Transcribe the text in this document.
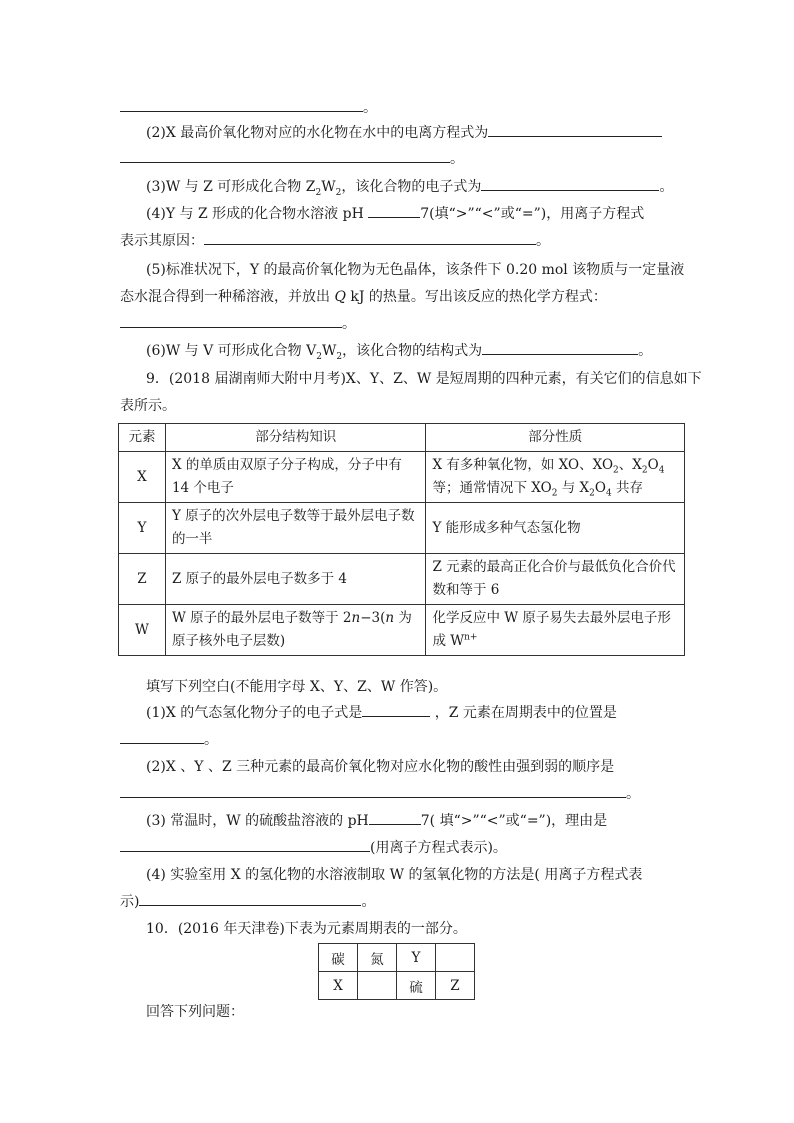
。
(2)X 最高价氧化物对应的水化物在水中的电离方程式为
。
(3)W 与 Z 可形成化合物 $Z_2W_2$，该化合物的电子式为	。
(4)Y 与 Z 形成的化合物水溶液 pH	7(填“>”“<”或“=”)，用离子方程式
表示其原因：	。
(5)标准状况下，Y 的最高价氧化物为无色晶体，该条件下 0.20 mol 该物质与一定量液
态水混合得到一种稀溶液，并放出 Q kJ 的热量。写出该反应的热化学方程式：
。
(6)W 与 V 可形成化合物 $V_2W_2$，该化合物的结构式为	。
9．(2018 届湖南师大附中月考)X、Y、Z、W 是短周期的四种元素，有关它们的信息如下
表所示。
元素	部分结构知识	部分性质
X	X 的单质由双原子分子构成，分子中有 14 个电子	X 有多种氧化物，如 XO、$XO_2$、$X_2O_4$ 等；通常情况下 $XO_2$ 与 $X_2O_4$ 共存
Y	Y 原子的次外层电子数等于最外层电子数的一半	Y 能形成多种气态氢化物
Z	Z 原子的最外层电子数多于 4	Z 元素的最高正化合价与最低负化合价代数和等于 6
W	W 原子的最外层电子数等于 2n−3(n 为原子核外电子层数)	化学反应中 W 原子易失去最外层电子形成 $W^{n+}$
填写下列空白(不能用字母 X、Y、Z、W 作答)。
(1)X 的气态氢化物分子的电子式是	，Z 元素在周期表中的位置是
。
(2)X 、Y 、Z 三种元素的最高价氧化物对应水化物的酸性由强到弱的顺序是
。
(3) 常温时，W 的硫酸盐溶液的 pH	7( 填“>”“<”或“=”)，理由是
(用离子方程式表示)。
(4) 实验室用 X 的氢化物的水溶液制取 W 的氢氧化物的方法是( 用离子方程式表
示)	。
10．(2016 年天津卷)下表为元素周期表的一部分。
碳	氮	Y	
X		硫	Z
回答下列问题：
